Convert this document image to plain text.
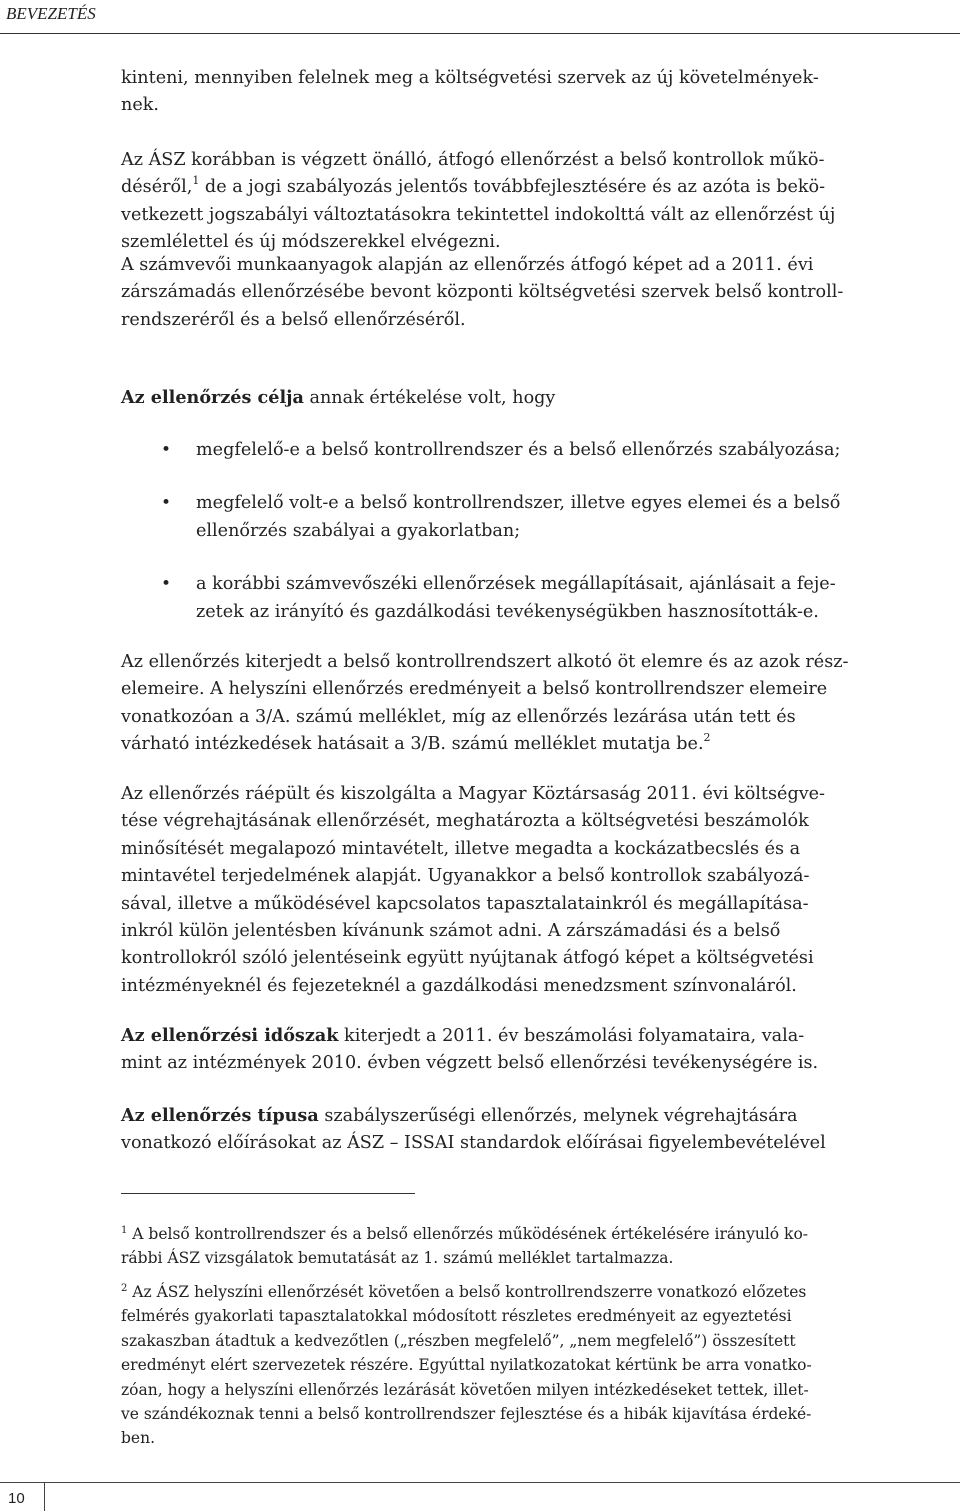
BEVEZETÉS

kinteni, mennyiben felelnek meg a költségvetési szervek az új követelmények-
nek.

Az ÁSZ korábban is végzett önálló, átfogó ellenőrzést a belső kontrollok műkö-
déséről,$^1$ de a jogi szabályozás jelentős továbbfejlesztésére és az azóta is bekö-
vetkezett jogszabályi változtatásokra tekintettel indokolttá vált az ellenőrzést új
szemlélettel és új módszerekkel elvégezni.

A számvevői munkaanyagok alapján az ellenőrzés átfogó képet ad a 2011. évi
zárszámadás ellenőrzésébe bevont központi költségvetési szervek belső kontroll-
rendszeréről és a belső ellenőrzéséről.

Az ellenőrzés célja annak értékelése volt, hogy

• megfelelő-e a belső kontrollrendszer és a belső ellenőrzés szabályozása;
• megfelelő volt-e a belső kontrollrendszer, illetve egyes elemei és a belső
ellenőrzés szabályai a gyakorlatban;
• a korábbi számvevőszéki ellenőrzések megállapításait, ajánlásait a feje-
zetek az irányító és gazdálkodási tevékenységükben hasznosították-e.

Az ellenőrzés kiterjedt a belső kontrollrendszert alkotó öt elemre és az azok rész-
elemeire. A helyszíni ellenőrzés eredményeit a belső kontrollrendszer elemeire
vonatkozóan a 3/A. számú melléklet, míg az ellenőrzés lezárása után tett és
várható intézkedések hatásait a 3/B. számú melléklet mutatja be.$^2$

Az ellenőrzés ráépült és kiszolgálta a Magyar Köztársaság 2011. évi költségve-
tése végrehajtásának ellenőrzését, meghatározta a költségvetési beszámolók
minősítését megalapozó mintavételt, illetve megadta a kockázatbecslés és a
mintavétel terjedelmének alapját. Ugyanakkor a belső kontrollok szabályozá-
sával, illetve a működésével kapcsolatos tapasztalatainkról és megállapítása-
inkról külön jelentésben kívánunk számot adni. A zárszámadási és a belső
kontrollokról szóló jelentéseink együtt nyújtanak átfogó képet a költségvetési
intézményeknél és fejezeteknél a gazdálkodási menedzsment színvonaláról.

Az ellenőrzési időszak kiterjedt a 2011. év beszámolási folyamataira, vala-
mint az intézmények 2010. évben végzett belső ellenőrzési tevékenységére is.

Az ellenőrzés típusa szabályszerűségi ellenőrzés, melynek végrehajtására
vonatkozó előírásokat az ÁSZ – ISSAI standardok előírásai figyelembevételével

$^1$ A belső kontrollrendszer és a belső ellenőrzés működésének értékelésére irányuló ko-
rábbi ÁSZ vizsgálatok bemutatását az 1. számú melléklet tartalmazza.

$^2$ Az ÁSZ helyszíni ellenőrzését követően a belső kontrollrendszerre vonatkozó előzetes
felmérés gyakorlati tapasztalatokkal módosított részletes eredményeit az egyeztetési
szakaszban átadtuk a kedvezőtlen („részben megfelelő”, „nem megfelelő”) összesített
eredményt elért szervezetek részére. Egyúttal nyilatkozatokat kértünk be arra vonatko-
zóan, hogy a helyszíni ellenőrzés lezárását követően milyen intézkedéseket tettek, illet-
ve szándékoznak tenni a belső kontrollrendszer fejlesztése és a hibák kijavítása érdeké-
ben.

10
